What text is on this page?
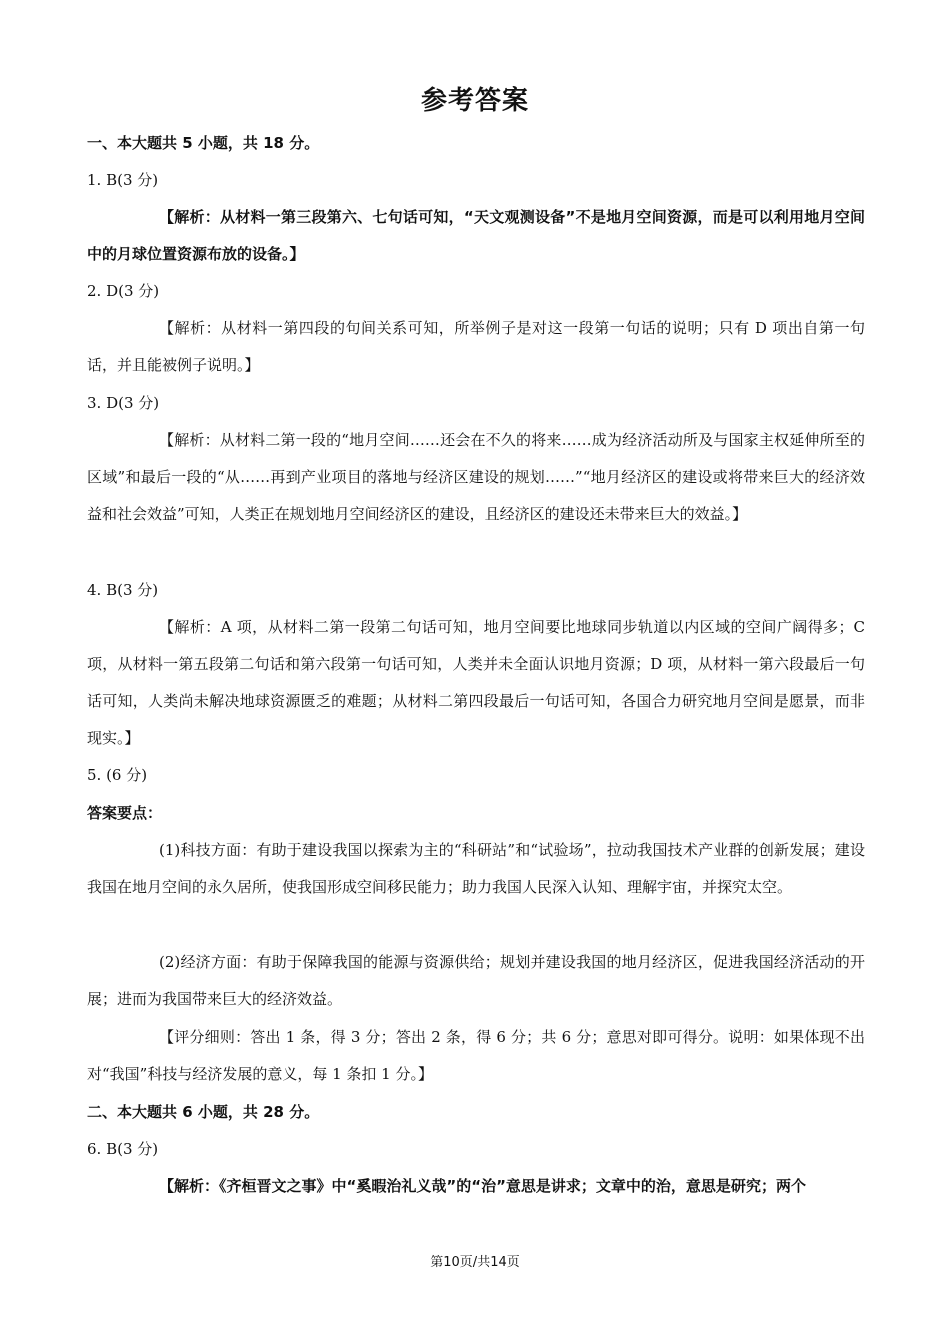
参考答案
一、本大题共 5 小题，共 18 分。
1. B(3 分)
【解析：从材料一第三段第六、七句话可知，“天文观测设备”不是地月空间资源，而是可以利用地月空间中的月球位置资源布放的设备。】
2. D(3 分)
【解析：从材料一第四段的句间关系可知，所举例子是对这一段第一句话的说明；只有 D 项出自第一句话，并且能被例子说明。】
3. D(3 分)
【解析：从材料二第一段的“地月空间……还会在不久的将来……成为经济活动所及与国家主权延伸所至的区域”和最后一段的“从……再到产业项目的落地与经济区建设的规划……”“地月经济区的建设或将带来巨大的经济效益和社会效益”可知，人类正在规划地月空间经济区的建设，且经济区的建设还未带来巨大的效益。】
4. B(3 分)
【解析：A 项，从材料二第一段第二句话可知，地月空间要比地球同步轨道以内区域的空间广阔得多；C 项，从材料一第五段第二句话和第六段第一句话可知，人类并未全面认识地月资源；D 项，从材料一第六段最后一句话可知，人类尚未解决地球资源匮乏的难题；从材料二第四段最后一句话可知，各国合力研究地月空间是愿景，而非现实。】
5. (6 分)
答案要点：
(1)科技方面：有助于建设我国以探索为主的“科研站”和“试验场”，拉动我国技术产业群的创新发展；建设我国在地月空间的永久居所，使我国形成空间移民能力；助力我国人民深入认知、理解宇宙，并探究太空。
(2)经济方面：有助于保障我国的能源与资源供给；规划并建设我国的地月经济区，促进我国经济活动的开展；进而为我国带来巨大的经济效益。
【评分细则：答出 1 条，得 3 分；答出 2 条，得 6 分；共 6 分；意思对即可得分。说明：如果体现不出对“我国”科技与经济发展的意义，每 1 条扣 1 分。】
二、本大题共 6 小题，共 28 分。
6. B(3 分)
【解析：《齐桓晋文之事》中“奚暇治礼义哉”的“治”意思是讲求；文章中的治，意思是研究；两个
第10页/共14页
